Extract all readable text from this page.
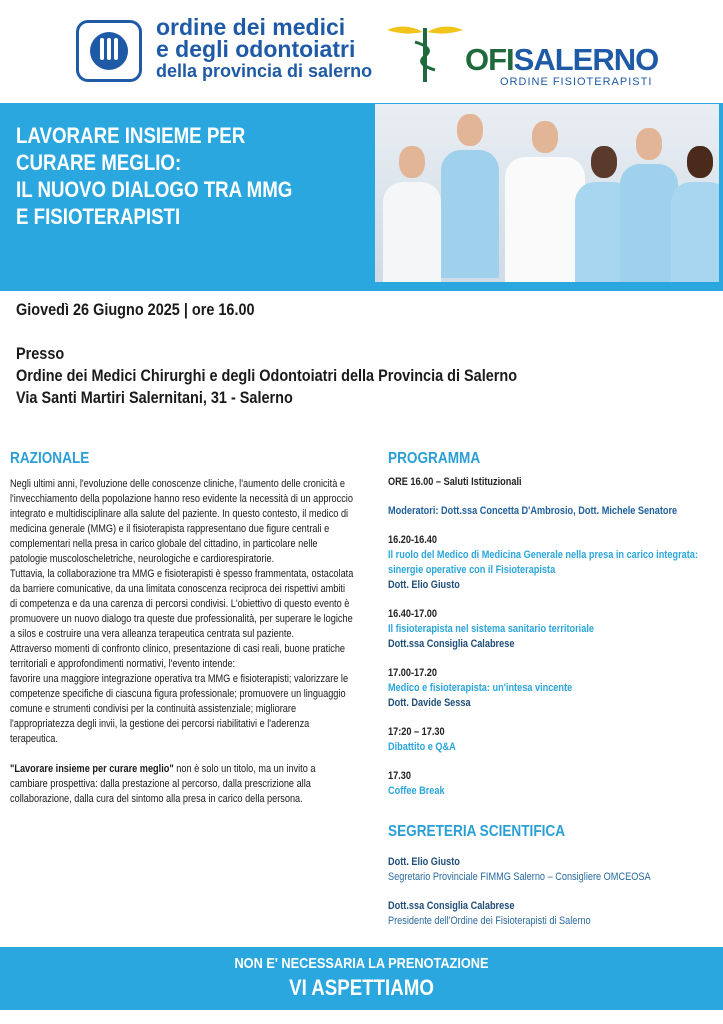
ordine dei medici
e degli odontoiatri
della provincia di salerno	OFISALERNO
ORDINE FISIOTERAPISTI
LAVORARE INSIEME PER
CURARE MEGLIO:
IL NUOVO DIALOGO TRA MMG
E FISIOTERAPISTI
Giovedì 26 Giugno 2025 | ore 16.00
Presso
Ordine dei Medici Chirurghi e degli Odontoiatri della Provincia di Salerno
Via Santi Martiri Salernitani, 31 - Salerno
RAZIONALE

Negli ultimi anni, l'evoluzione delle conoscenze cliniche, l'aumento delle cronicità e l'invecchiamento della popolazione hanno reso evidente la necessità di un approccio integrato e multidisciplinare alla salute del paziente. In questo contesto, il medico di medicina generale (MMG) e il fisioterapista rappresentano due figure centrali e complementari nella presa in carico globale del cittadino, in particolare nelle patologie muscoloscheletriche, neurologiche e cardiorespiratorie.

Tuttavia, la collaborazione tra MMG e fisioterapisti è spesso frammentata, ostacolata da barriere comunicative, da una limitata conoscenza reciproca dei rispettivi ambiti di competenza e da una carenza di percorsi condivisi. L'obiettivo di questo evento è promuovere un nuovo dialogo tra queste due professionalità, per superare le logiche a silos e costruire una vera alleanza terapeutica centrata sul paziente.

Attraverso momenti di confronto clinico, presentazione di casi reali, buone pratiche territoriali e approfondimenti normativi, l'evento intende:

favorire una maggiore integrazione operativa tra MMG e fisioterapisti; valorizzare le competenze specifiche di ciascuna figura professionale; promuovere un linguaggio comune e strumenti condivisi per la continuità assistenziale; migliorare l'appropriatezza degli invii, la gestione dei percorsi riabilitativi e l'aderenza terapeutica.

"Lavorare insieme per curare meglio" non è solo un titolo, ma un invito a cambiare prospettiva: dalla prestazione al percorso, dalla prescrizione alla collaborazione, dalla cura del sintomo alla presa in carico della persona.

PROGRAMMA
ORE 16.00 – Saluti Istituzionali
Moderatori: Dott.ssa Concetta D'Ambrosio, Dott. Michele Senatore
16.20-16.40
Il ruolo del Medico di Medicina Generale nella presa in carico integrata: sinergie operative con il Fisioterapista
Dott. Elio Giusto
16.40-17.00
Il fisioterapista nel sistema sanitario territoriale
Dott.ssa Consiglia Calabrese
17.00-17.20
Medico e fisioterapista: un'intesa vincente
Dott. Davide Sessa
17:20 – 17.30
Dibattito e Q&A
17.30
Coffee Break
SEGRETERIA SCIENTIFICA
Dott. Elio Giusto
Segretario Provinciale FIMMG Salerno – Consigliere OMCEOSA
Dott.ssa Consiglia Calabrese
Presidente dell'Ordine dei Fisioterapisti di Salerno
NON E' NECESSARIA LA PRENOTAZIONE
VI ASPETTIAMO
